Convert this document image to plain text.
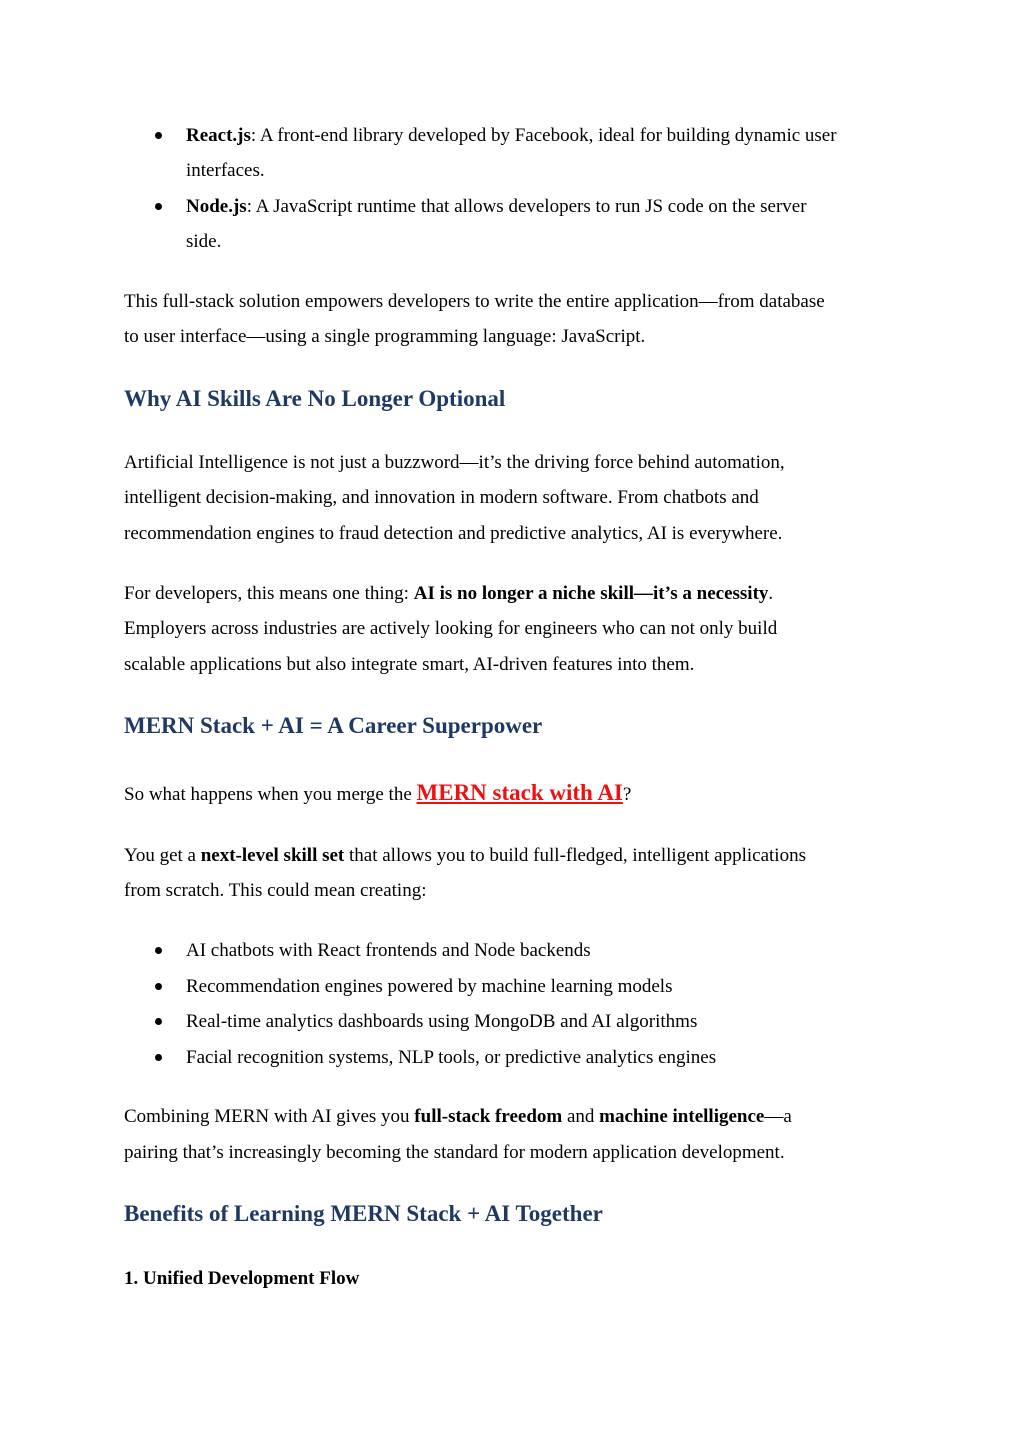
React.js: A front-end library developed by Facebook, ideal for building dynamic user
interfaces.
Node.js: A JavaScript runtime that allows developers to run JS code on the server
side.
This full-stack solution empowers developers to write the entire application—from database
to user interface—using a single programming language: JavaScript.
Why AI Skills Are No Longer Optional
Artificial Intelligence is not just a buzzword—it’s the driving force behind automation,
intelligent decision-making, and innovation in modern software. From chatbots and
recommendation engines to fraud detection and predictive analytics, AI is everywhere.
For developers, this means one thing: AI is no longer a niche skill—it’s a necessity.
Employers across industries are actively looking for engineers who can not only build
scalable applications but also integrate smart, AI-driven features into them.
MERN Stack + AI = A Career Superpower
So what happens when you merge the MERN stack with AI?
You get a next-level skill set that allows you to build full-fledged, intelligent applications
from scratch. This could mean creating:
AI chatbots with React frontends and Node backends
Recommendation engines powered by machine learning models
Real-time analytics dashboards using MongoDB and AI algorithms
Facial recognition systems, NLP tools, or predictive analytics engines
Combining MERN with AI gives you full-stack freedom and machine intelligence—a
pairing that’s increasingly becoming the standard for modern application development.
Benefits of Learning MERN Stack + AI Together
1. Unified Development Flow
